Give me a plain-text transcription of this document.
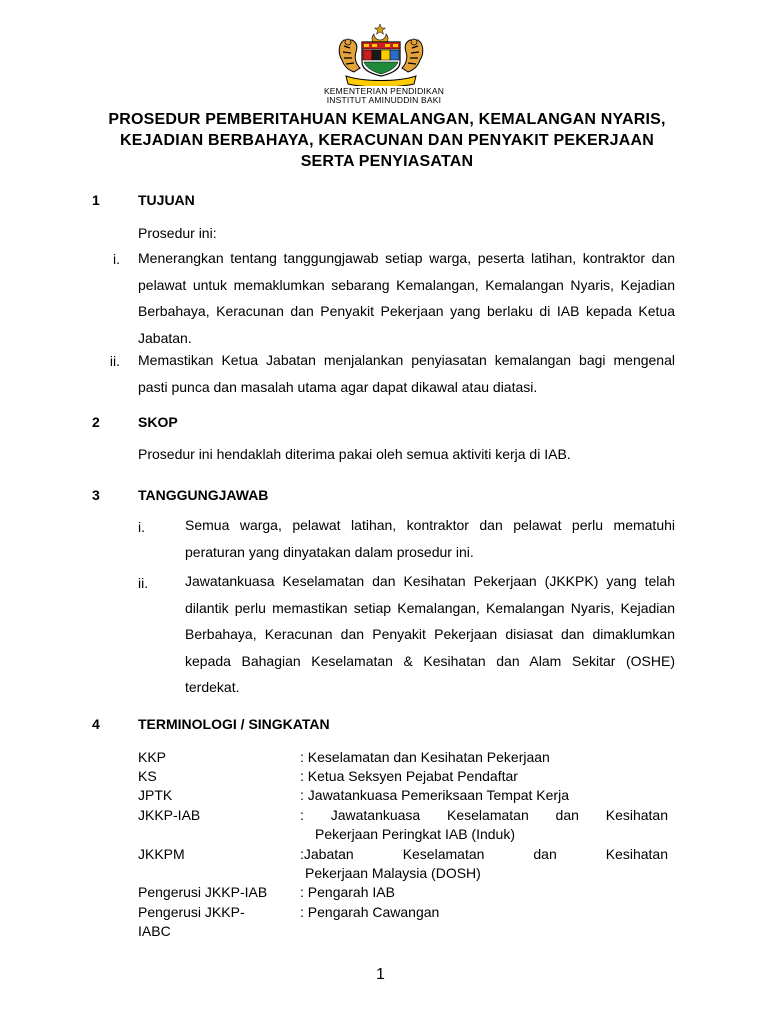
KEMENTERIAN PENDIDIKAN
INSTITUT AMINUDDIN BAKI
PROSEDUR PEMBERITAHUAN KEMALANGAN, KEMALANGAN NYARIS, KEJADIAN BERBAHAYA, KERACUNAN DAN PENYAKIT PEKERJAAN SERTA PENYIASATAN
1	TUJUAN
Prosedur ini:
i. Menerangkan tentang tanggungjawab setiap warga, peserta latihan, kontraktor dan pelawat untuk memaklumkan sebarang Kemalangan, Kemalangan Nyaris, Kejadian Berbahaya, Keracunan dan Penyakit Pekerjaan yang berlaku di IAB kepada Ketua Jabatan.
ii. Memastikan Ketua Jabatan menjalankan penyiasatan kemalangan bagi mengenal pasti punca dan masalah utama agar dapat dikawal atau diatasi.
2	SKOP
Prosedur ini hendaklah diterima pakai oleh semua aktiviti kerja di IAB.
3	TANGGUNGJAWAB
i.	Semua warga, pelawat latihan, kontraktor dan pelawat perlu mematuhi peraturan yang dinyatakan dalam prosedur ini.
ii.	Jawatankuasa Keselamatan dan Kesihatan Pekerjaan (JKKPK) yang telah dilantik perlu memastikan setiap Kemalangan, Kemalangan Nyaris, Kejadian Berbahaya, Keracunan dan Penyakit Pekerjaan disiasat dan dimaklumkan kepada Bahagian Keselamatan & Kesihatan dan Alam Sekitar (OSHE) terdekat.
4	TERMINOLOGI / SINGKATAN
KKP	: Keselamatan dan Kesihatan Pekerjaan
KS	: Ketua Seksyen Pejabat Pendaftar
JPTK	: Jawatankuasa Pemeriksaan Tempat Kerja
JKKP-IAB	: Jawatankuasa Keselamatan dan Kesihatan
Pekerjaan Peringkat IAB (Induk)
JKKPM	:Jabatan Keselamatan dan Kesihatan
Pekerjaan Malaysia (DOSH)
Pengerusi JKKP-IAB : Pengarah IAB
Pengerusi JKKP-
IABC
: Pengarah Cawangan
1
